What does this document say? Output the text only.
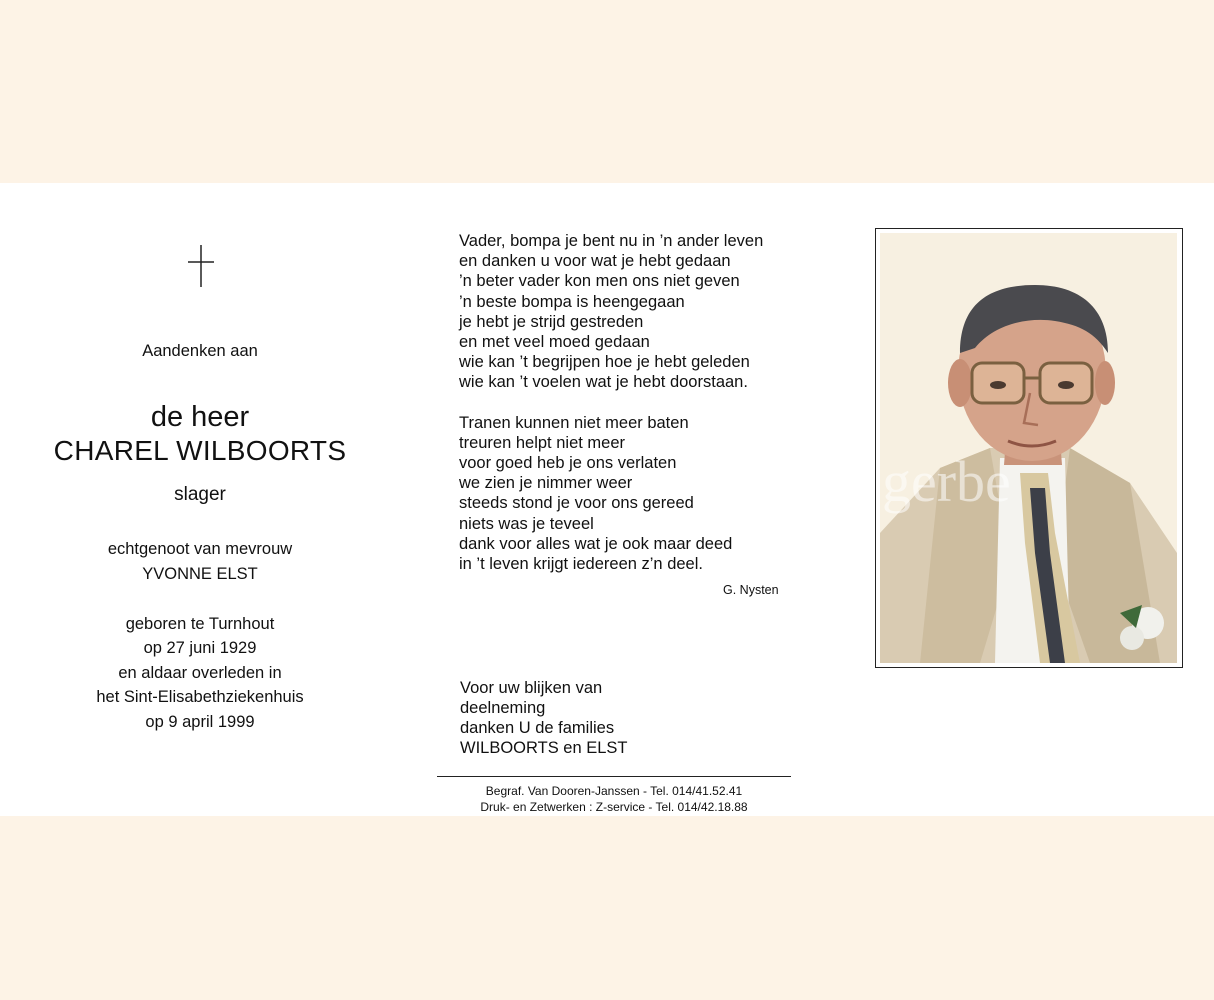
Aandenken aan
de heer
CHAREL WILBOORTS
slager
echtgenoot van mevrouw
YVONNE ELST
geboren te Turnhout
op 27 juni 1929
en aldaar overleden in
het Sint-Elisabethziekenhuis
op 9 april 1999
Vader, bompa je bent nu in ’n ander leven
en danken u voor wat je hebt gedaan
’n beter vader kon men ons niet geven
’n beste bompa is heengegaan
je hebt je strijd gestreden
en met veel moed gedaan
wie kan ’t begrijpen hoe je hebt geleden
wie kan ’t voelen wat je hebt doorstaan.
Tranen kunnen niet meer baten
treuren helpt niet meer
voor goed heb je ons verlaten
we zien je nimmer weer
steeds stond je voor ons gereed
niets was je teveel
dank voor alles wat je ook maar deed
in ’t leven krijgt iedereen z’n deel.
G. Nysten
Voor uw blijken van
deelneming
danken U de families
WILBOORTS en ELST
Begraf. Van Dooren-Janssen - Tel. 014/41.52.41
Druk- en Zetwerken : Z-service - Tel. 014/42.18.88
gerbe
